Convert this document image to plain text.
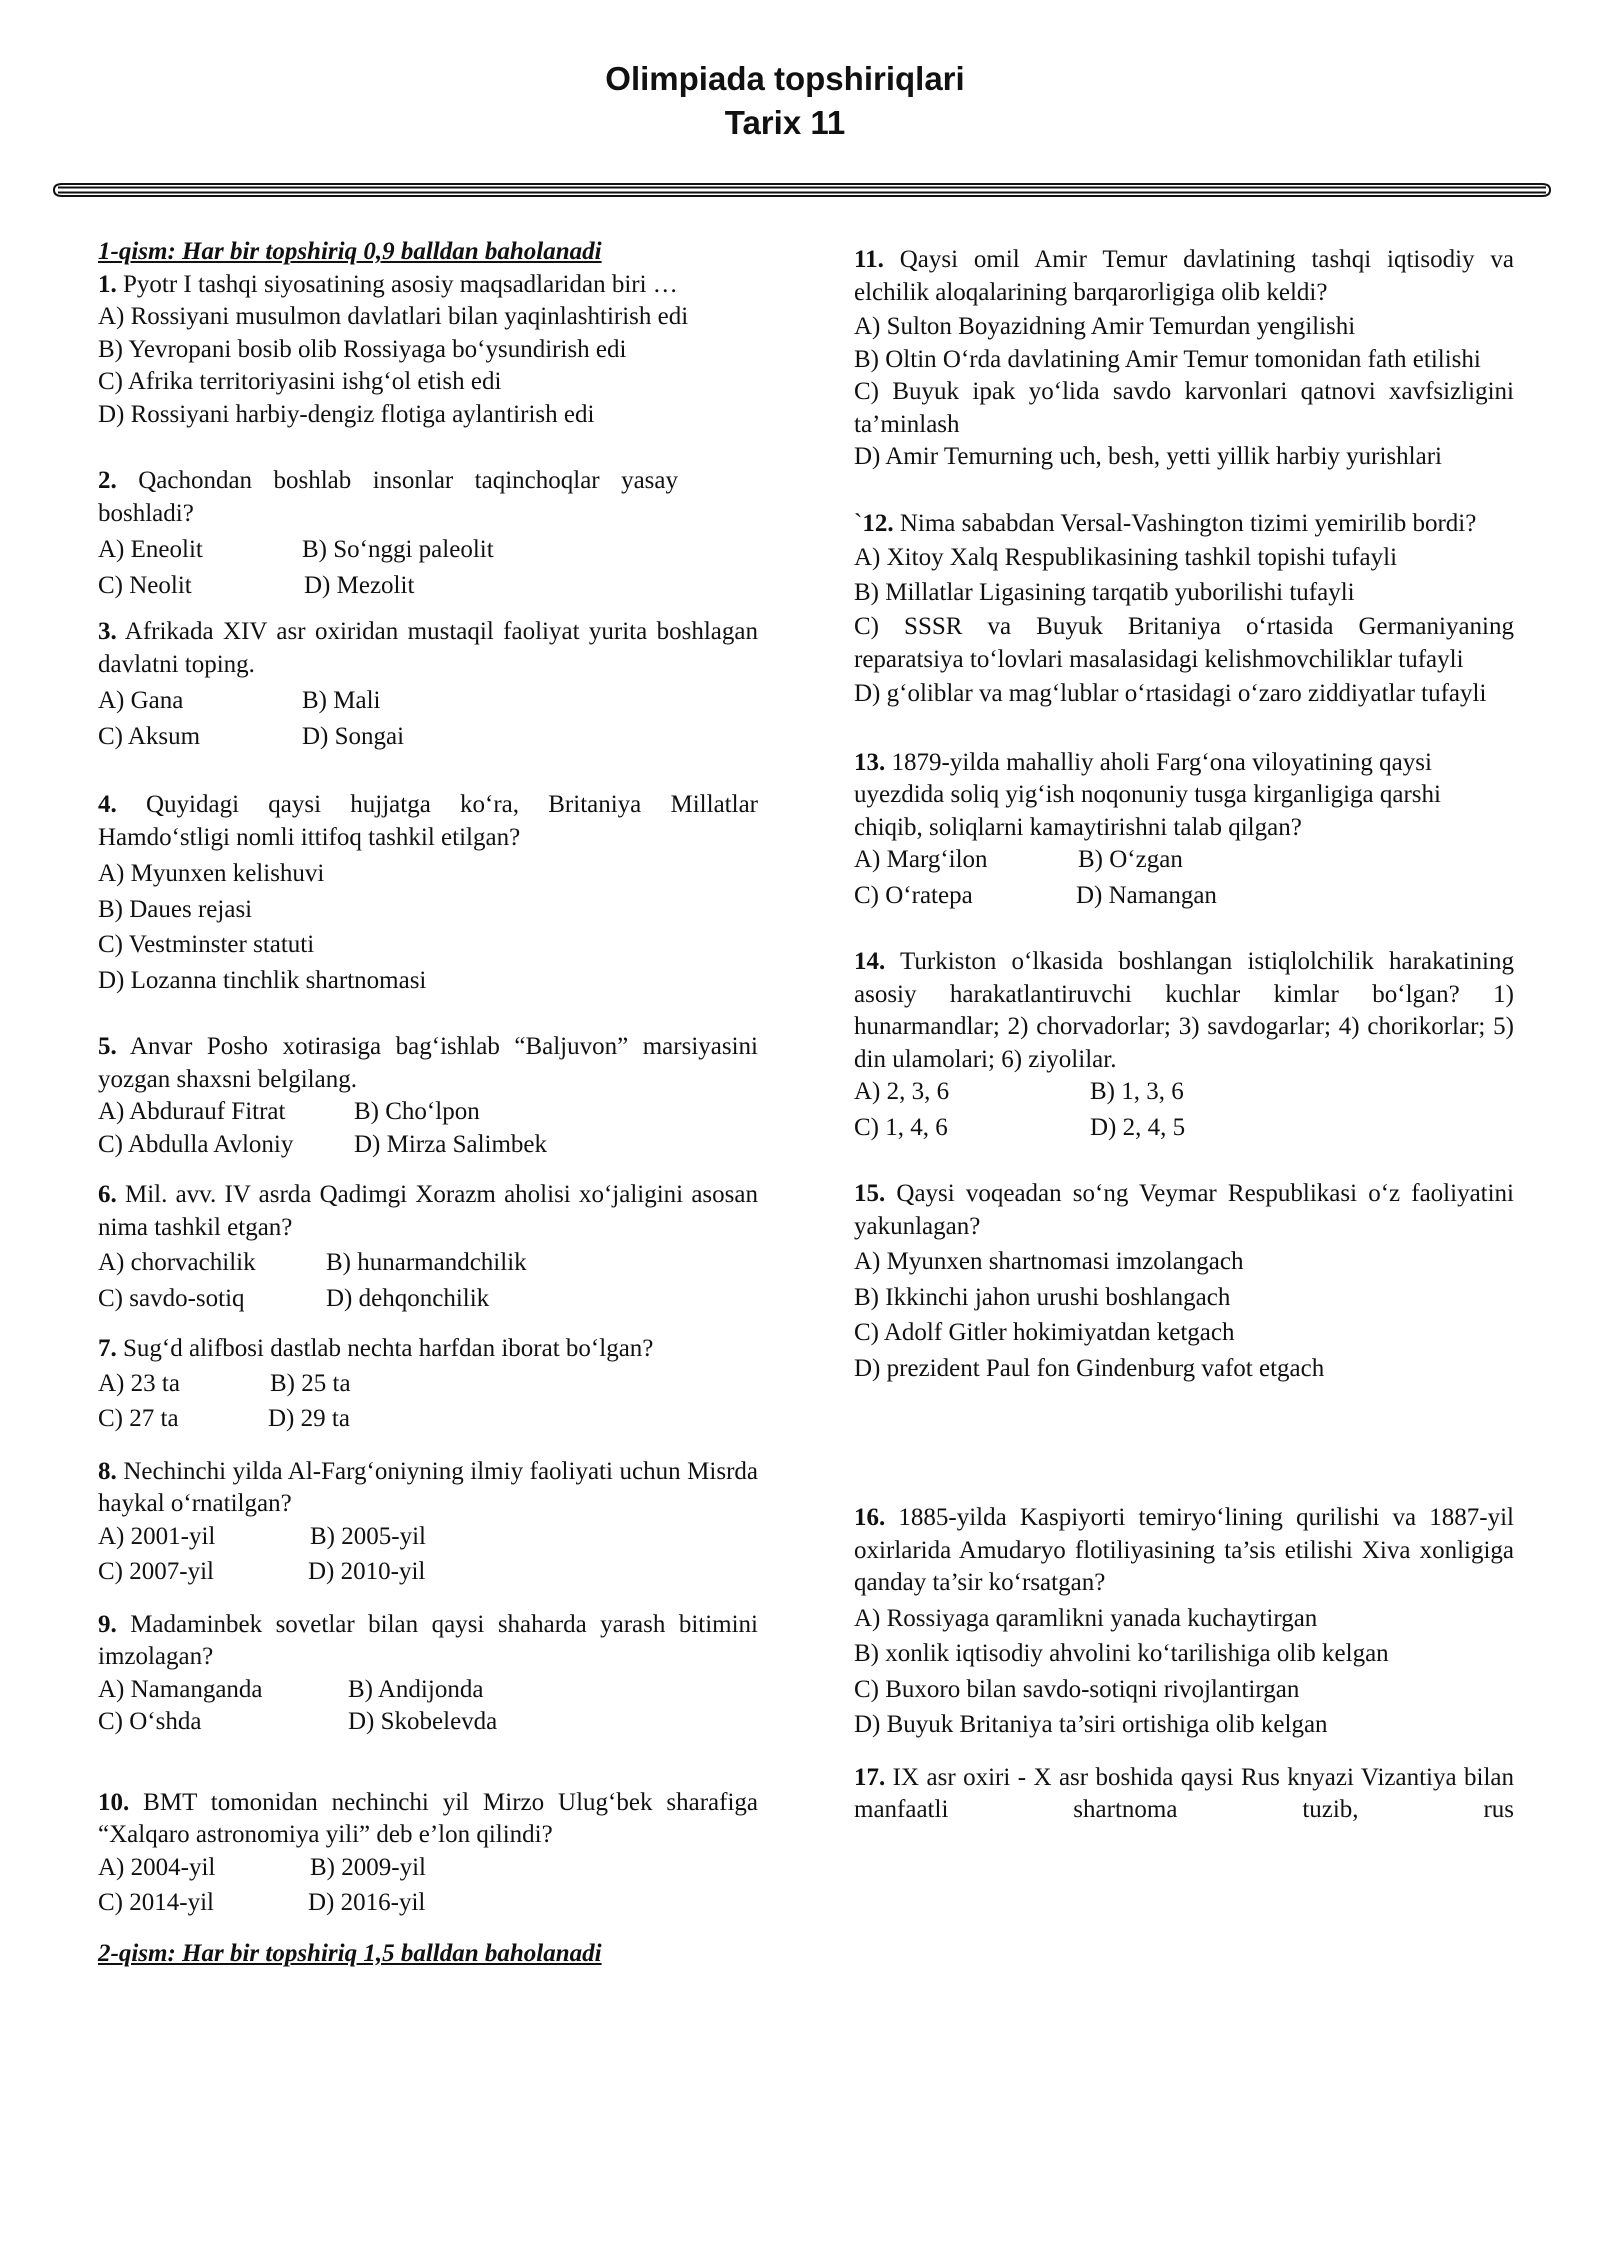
Olimpiada topshiriqlari
Tarix 11
1-qism: Har bir topshiriq 0,9 balldan baholanadi
1. Pyotr I tashqi siyosatining asosiy maqsadlaridan biri …
A) Rossiyani musulmon davlatlari bilan yaqinlashtirish edi
B) Yevropani bosib olib Rossiyaga bo‘ysundirish edi
C) Afrika territoriyasini ishg‘ol etish edi
D) Rossiyani harbiy-dengiz flotiga aylantirish edi
2. Qachondan boshlab insonlar taqinchoqlar yasay boshladi?
A) Eneolit	B) So‘nggi paleolit
C) Neolit	D) Mezolit
3. Afrikada XIV asr oxiridan mustaqil faoliyat yurita boshlagan davlatni toping.
A) Gana	B) Mali
C) Aksum	D) Songai
4. Quyidagi qaysi hujjatga ko‘ra, Britaniya Millatlar Hamdo‘stligi nomli ittifoq tashkil etilgan?
A) Myunxen kelishuvi
B) Daues rejasi
C) Vestminster statuti
D) Lozanna tinchlik shartnomasi
5. Anvar Posho xotirasiga bag‘ishlab “Baljuvon” marsiyasini yozgan shaxsni belgilang.
A) Abdurauf Fitrat	B) Cho‘lpon
C) Abdulla Avloniy	D) Mirza Salimbek
6. Mil. avv. IV asrda Qadimgi Xorazm aholisi xo‘jaligini asosan nima tashkil etgan?
A) chorvachilik	B) hunarmandchilik
C) savdo-sotiq	D) dehqonchilik
7. Sug‘d alifbosi dastlab nechta harfdan iborat bo‘lgan?
A) 23 ta	B) 25 ta
C) 27 ta	D) 29 ta
8. Nechinchi yilda Al-Farg‘oniyning ilmiy faoliyati uchun Misrda haykal o‘rnatilgan?
A) 2001-yil	B) 2005-yil
C) 2007-yil	D) 2010-yil
9. Madaminbek sovetlar bilan qaysi shaharda yarash bitimini imzolagan?
A) Namanganda	B) Andijonda
C) O‘shda	D) Skobelevda
10. BMT tomonidan nechinchi yil Mirzo Ulug‘bek sharafiga “Xalqaro astronomiya yili” deb e’lon qilindi?
A) 2004-yil	B) 2009-yil
C) 2014-yil	D) 2016-yil
2-qism: Har bir topshiriq 1,5 balldan baholanadi
11. Qaysi omil Amir Temur davlatining tashqi iqtisodiy va elchilik aloqalarining barqarorligiga olib keldi?
A) Sulton Boyazidning Amir Temurdan yengilishi
B) Oltin O‘rda davlatining Amir Temur tomonidan fath etilishi
C) Buyuk ipak yo‘lida savdo karvonlari qatnovi xavfsizligini ta’minlash
D) Amir Temurning uch, besh, yetti yillik harbiy yurishlari
`12. Nima sababdan Versal-Vashington tizimi yemirilib bordi?
A) Xitoy Xalq Respublikasining tashkil topishi tufayli
B) Millatlar Ligasining tarqatib yuborilishi tufayli
C) SSSR va Buyuk Britaniya o‘rtasida Germaniyaning reparatsiya to‘lovlari masalasidagi kelishmovchiliklar tufayli
D) g‘oliblar va mag‘lublar o‘rtasidagi o‘zaro ziddiyatlar tufayli
13. 1879-yilda mahalliy aholi Farg‘ona viloyatining qaysi uyezdida soliq yig‘ish noqonuniy tusga kirganligiga qarshi chiqib, soliqlarni kamaytirishni talab qilgan?
A) Marg‘ilon	B) O‘zgan
C) O‘ratepa	D) Namangan
14. Turkiston o‘lkasida boshlangan istiqlolchilik harakatining asosiy harakatlantiruvchi kuchlar kimlar bo‘lgan? 1) hunarmandlar; 2) chorvadorlar; 3) savdogarlar; 4) chorikorlar; 5) din ulamolari; 6) ziyolilar.
A) 2, 3, 6	B) 1, 3, 6
C) 1, 4, 6	D) 2, 4, 5
15. Qaysi voqeadan so‘ng Veymar Respublikasi o‘z faoliyatini yakunlagan?
A) Myunxen shartnomasi imzolangach
B) Ikkinchi jahon urushi boshlangach
C) Adolf Gitler hokimiyatdan ketgach
D) prezident Paul fon Gindenburg vafot etgach
16. 1885-yilda Kaspiyorti temiryo‘lining qurilishi va 1887-yil oxirlarida Amudaryo flotiliyasining ta’sis etilishi Xiva xonligiga qanday ta’sir ko‘rsatgan?
A) Rossiyaga qaramlikni yanada kuchaytirgan
B) xonlik iqtisodiy ahvolini ko‘tarilishiga olib kelgan
C) Buxoro bilan savdo-sotiqni rivojlantirgan
D) Buyuk Britaniya ta’siri ortishiga olib kelgan
17. IX asr oxiri - X asr boshida qaysi Rus knyazi Vizantiya bilan manfaatli shartnoma tuzib, rus
